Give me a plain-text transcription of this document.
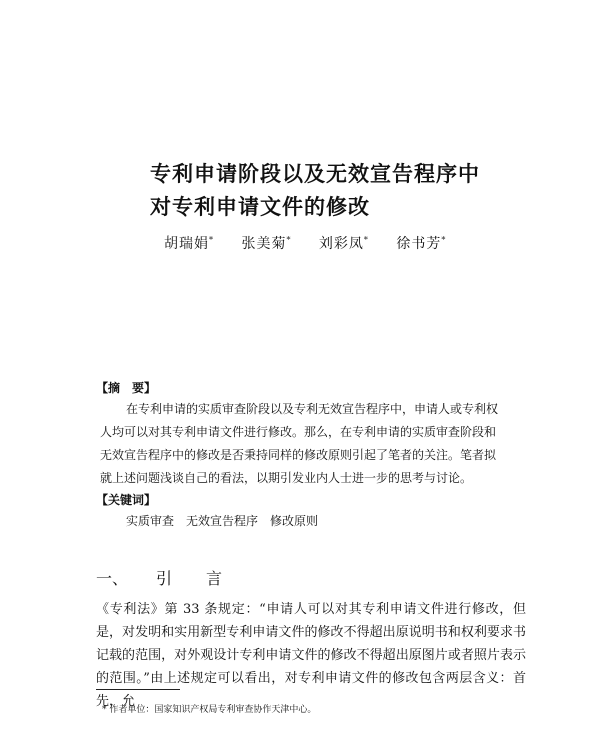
专利申请阶段以及无效宣告程序中
对专利申请文件的修改
胡瑞娟* 张美菊* 刘彩凤* 徐书芳*
【摘　要】

在专利申请的实质审查阶段以及专利无效宣告程序中，申请人或专利权人均可以对其专利申请文件进行修改。那么，在专利申请的实质审查阶段和无效宣告程序中的修改是否秉持同样的修改原则引起了笔者的关注。笔者拟就上述问题浅谈自己的看法，以期引发业内人士进一步的思考与讨论。

【关键词】

实质审查　无效宣告程序　修改原则

一、 引 言

《专利法》第 33 条规定：“申请人可以对其专利申请文件进行修改，但是，对发明和实用新型专利申请文件的修改不得超出原说明书和权利要求书记载的范围，对外观设计专利申请文件的修改不得超出原图片或者照片表示的范围。”由上述规定可以看出，对专利申请文件的修改包含两层含义：首先，允

* 作者单位：国家知识产权局专利审查协作天津中心。
